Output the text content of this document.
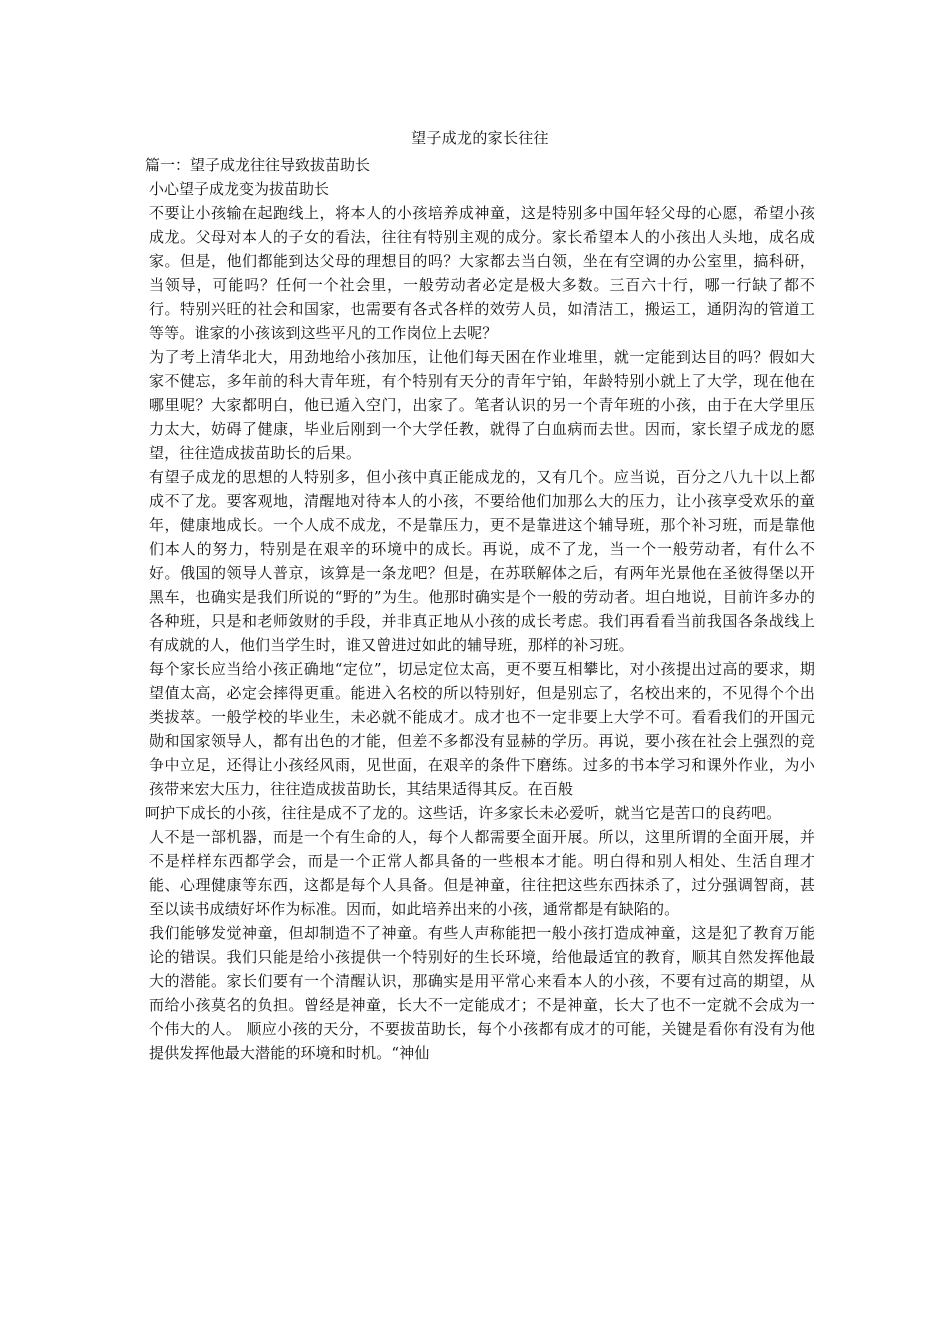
望子成龙的家长往往

篇一：望子成龙往往导致拔苗助长

小心望子成龙变为拔苗助长

不要让小孩输在起跑线上，将本人的小孩培养成神童，这是特别多中国年轻父母的心愿，希望小孩成龙。父母对本人的子女的看法，往往有特别主观的成分。家长希望本人的小孩出人头地，成名成家。但是，他们都能到达父母的理想目的吗？大家都去当白领，坐在有空调的办公室里，搞科研，当领导，可能吗？任何一个社会里，一般劳动者必定是极大多数。三百六十行，哪一行缺了都不行。特别兴旺的社会和国家，也需要有各式各样的效劳人员，如清洁工，搬运工，通阴沟的管道工等等。谁家的小孩该到这些平凡的工作岗位上去呢？

为了考上清华北大，用劲地给小孩加压，让他们每天困在作业堆里，就一定能到达目的吗？假如大家不健忘，多年前的科大青年班，有个特别有天分的青年宁铂，年龄特别小就上了大学，现在他在哪里呢？大家都明白，他已遁入空门，出家了。笔者认识的另一个青年班的小孩，由于在大学里压力太大，妨碍了健康，毕业后刚到一个大学任教，就得了白血病而去世。因而，家长望子成龙的愿望，往往造成拔苗助长的后果。

有望子成龙的思想的人特别多，但小孩中真正能成龙的，又有几个。应当说，百分之八九十以上都成不了龙。要客观地，清醒地对待本人的小孩，不要给他们加那么大的压力，让小孩享受欢乐的童年，健康地成长。一个人成不成龙，不是靠压力，更不是靠进这个辅导班，那个补习班，而是靠他们本人的努力，特别是在艰辛的环境中的成长。再说，成不了龙，当一个一般劳动者，有什么不好。俄国的领导人普京，该算是一条龙吧？但是，在苏联解体之后，有两年光景他在圣彼得堡以开黑车，也确实是我们所说的“野的”为生。他那时确实是个一般的劳动者。坦白地说，目前许多办的各种班，只是和老师敛财的手段，并非真正地从小孩的成长考虑。我们再看看当前我国各条战线上有成就的人，他们当学生时，谁又曾进过如此的辅导班，那样的补习班。

每个家长应当给小孩正确地“定位”，切忌定位太高，更不要互相攀比，对小孩提出过高的要求，期望值太高，必定会摔得更重。能进入名校的所以特别好，但是别忘了，名校出来的，不见得个个出类拔萃。一般学校的毕业生，未必就不能成才。成才也不一定非要上大学不可。看看我们的开国元勋和国家领导人，都有出色的才能，但差不多都没有显赫的学历。再说，要小孩在社会上强烈的竞争中立足，还得让小孩经风雨，见世面，在艰辛的条件下磨练。过多的书本学习和课外作业，为小孩带来宏大压力，往往造成拔苗助长，其结果适得其反。在百般

呵护下成长的小孩，往往是成不了龙的。这些话，许多家长未必爱听，就当它是苦口的良药吧。

人不是一部机器，而是一个有生命的人，每个人都需要全面开展。所以，这里所谓的全面开展，并不是样样东西都学会，而是一个正常人都具备的一些根本才能。明白得和别人相处、生活自理才能、心理健康等东西，这都是每个人具备。但是神童，往往把这些东西抹杀了，过分强调智商，甚至以读书成绩好坏作为标准。因而，如此培养出来的小孩，通常都是有缺陷的。

我们能够发觉神童，但却制造不了神童。有些人声称能把一般小孩打造成神童，这是犯了教育万能论的错误。我们只能是给小孩提供一个特别好的生长环境，给他最适宜的教育，顺其自然发挥他最大的潜能。家长们要有一个清醒认识，那确实是用平常心来看本人的小孩，不要有过高的期望，从而给小孩莫名的负担。曾经是神童，长大不一定能成才；不是神童，长大了也不一定就不会成为一个伟大的人。 顺应小孩的天分，不要拔苗助长，每个小孩都有成才的可能，关键是看你有没有为他提供发挥他最大潜能的环境和时机。“神仙
